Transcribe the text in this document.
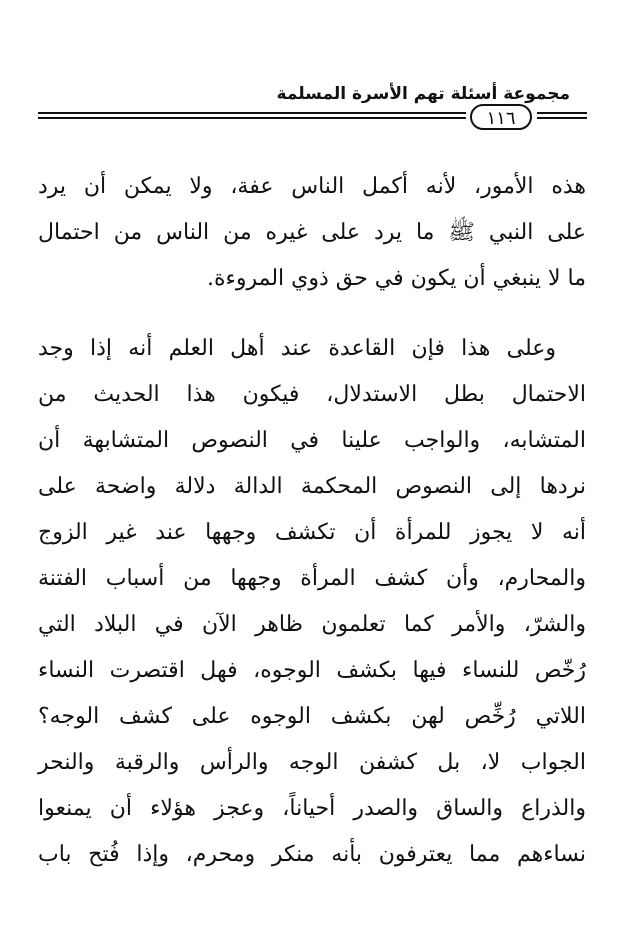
مجموعة أسئلة تهم الأسرة المسلمة
١١٦
هذه الأمور، لأنه أكمل الناس عفة، ولا يمكن أن يرد
على النبي ﷺ ما يرد على غيره من الناس من احتمال
ما لا ينبغي أن يكون في حق ذوي المروءة.
وعلى هذا فإن القاعدة عند أهل العلم أنه إذا وجد
الاحتمال بطل الاستدلال، فيكون هذا الحديث من
المتشابه، والواجب علينا في النصوص المتشابهة أن
نردها إلى النصوص المحكمة الدالة دلالة واضحة على
أنه لا يجوز للمرأة أن تكشف وجهها عند غير الزوج
والمحارم، وأن كشف المرأة وجهها من أسباب الفتنة
والشرّ، والأمر كما تعلمون ظاهر الآن في البلاد التي
رُخّص للنساء فيها بكشف الوجوه، فهل اقتصرت النساء
اللاتي رُخِّص لهن بكشف الوجوه على كشف الوجه؟
الجواب لا، بل كشفن الوجه والرأس والرقبة والنحر
والذراع والساق والصدر أحياناً، وعجز هؤلاء أن يمنعوا
نساءهم مما يعترفون بأنه منكر ومحرم، وإذا فُتح باب
